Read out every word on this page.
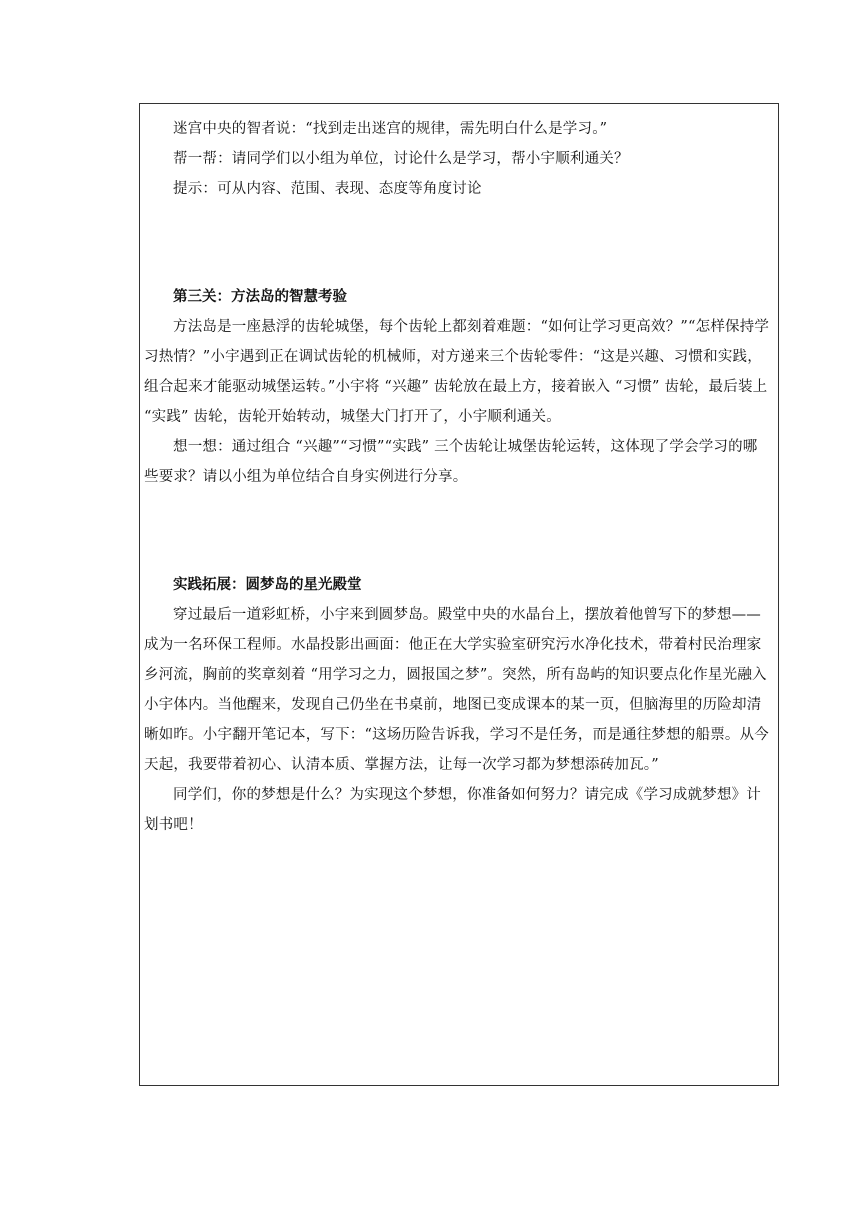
迷宫中央的智者说：“找到走出迷宫的规律，需先明白什么是学习。”

帮一帮：请同学们以小组为单位，讨论什么是学习，帮小宇顺利通关？

提示：可从内容、范围、表现、态度等角度讨论

第三关：方法岛的智慧考验

方法岛是一座悬浮的齿轮城堡，每个齿轮上都刻着难题：“如何让学习更高效？”“怎样保持学习热情？”小宇遇到正在调试齿轮的机械师，对方递来三个齿轮零件：“这是兴趣、习惯和实践，组合起来才能驱动城堡运转。”小宇将 “兴趣” 齿轮放在最上方，接着嵌入 “习惯” 齿轮，最后装上 “实践” 齿轮，齿轮开始转动，城堡大门打开了，小宇顺利通关。

想一想：通过组合 “兴趣”“习惯”“实践” 三个齿轮让城堡齿轮运转，这体现了学会学习的哪些要求？请以小组为单位结合自身实例进行分享。

实践拓展：圆梦岛的星光殿堂

穿过最后一道彩虹桥，小宇来到圆梦岛。殿堂中央的水晶台上，摆放着他曾写下的梦想—— 成为一名环保工程师。水晶投影出画面：他正在大学实验室研究污水净化技术，带着村民治理家乡河流，胸前的奖章刻着 “用学习之力，圆报国之梦”。突然，所有岛屿的知识要点化作星光融入小宇体内。当他醒来，发现自己仍坐在书桌前，地图已变成课本的某一页，但脑海里的历险却清晰如昨。小宇翻开笔记本，写下：“这场历险告诉我，学习不是任务，而是通往梦想的船票。从今天起，我要带着初心、认清本质、掌握方法，让每一次学习都为梦想添砖加瓦。”

同学们，你的梦想是什么？为实现这个梦想，你准备如何努力？请完成《学习成就梦想》计划书吧！
